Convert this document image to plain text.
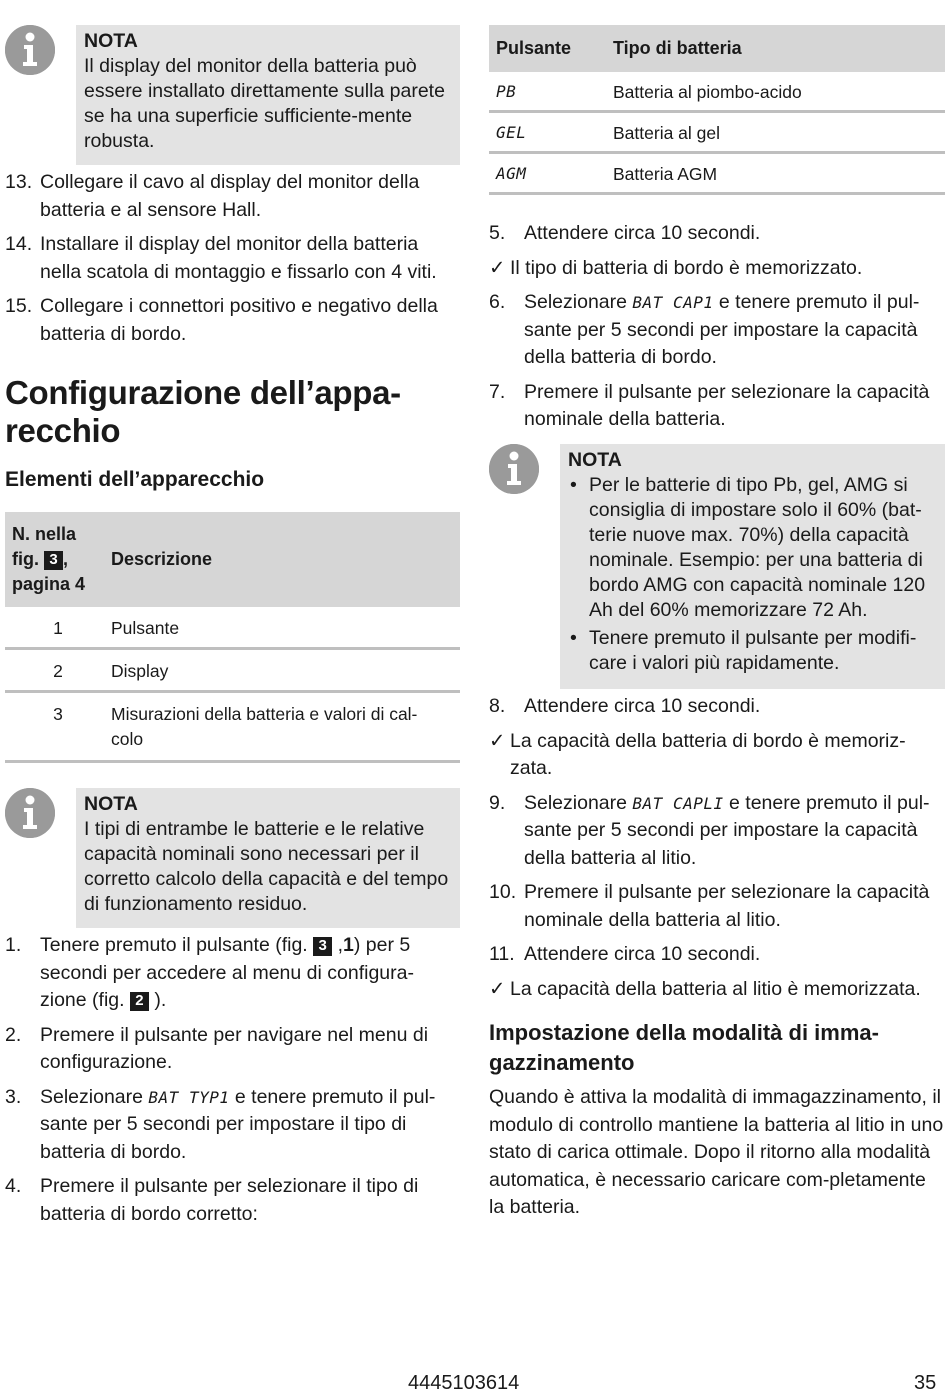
NOTA
Il display del monitor della batteria può essere installato direttamente sulla parete se ha una superficie sufficiente-mente robusta.
13. Collegare il cavo al display del monitor della batteria e al sensore Hall.
14. Installare il display del monitor della batteria nella scatola di montaggio e fissarlo con 4 viti.
15. Collegare i connettori positivo e negativo della batteria di bordo.
Configurazione dell’appa-
recchio
Elementi dell’apparecchio
N. nella
fig. 3 ,
pagina 4	Descrizione
1	Pulsante
2	Display
3	Misurazioni della batteria e valori di cal-colo
NOTA
I tipi di entrambe le batterie e le relative capacità nominali sono necessari per il corretto calcolo della capacità e del tempo di funzionamento residuo.
1. Tenere premuto il pulsante (fig. 3 ,1) per 5 secondi per accedere al menu di configura-zione (fig. 2 ).
2. Premere il pulsante per navigare nel menu di configurazione.
3. Selezionare BAT TYP1 e tenere premuto il pul-sante per 5 secondi per impostare il tipo di batteria di bordo.
4. Premere il pulsante per selezionare il tipo di batteria di bordo corretto:
Pulsante	Tipo di batteria
PB	Batteria al piombo-acido
GEL	Batteria al gel
AGM	Batteria AGM
5. Attendere circa 10 secondi.
✓ Il tipo di batteria di bordo è memorizzato.
6. Selezionare BAT CAP1 e tenere premuto il pul-sante per 5 secondi per impostare la capacità della batteria di bordo.
7. Premere il pulsante per selezionare la capacità nominale della batteria.
NOTA
• Per le batterie di tipo Pb, gel, AMG si consiglia di impostare solo il 60% (bat-terie nuove max. 70%) della capacità nominale. Esempio: per una batteria di bordo AMG con capacità nominale 120 Ah del 60% memorizzare 72 Ah.
• Tenere premuto il pulsante per modifi-care i valori più rapidamente.
8. Attendere circa 10 secondi.
✓ La capacità della batteria di bordo è memoriz-zata.
9. Selezionare BAT CAPLI e tenere premuto il pul-sante per 5 secondi per impostare la capacità della batteria al litio.
10. Premere il pulsante per selezionare la capacità nominale della batteria al litio.
11. Attendere circa 10 secondi.
✓ La capacità della batteria al litio è memorizzata.
Impostazione della modalità di imma-
gazzinamento

Quando è attiva la modalità di immagazzinamento, il modulo di controllo mantiene la batteria al litio in uno stato di carica ottimale. Dopo il ritorno alla modalità automatica, è necessario caricare com-pletamente la batteria.

4445103614	35
